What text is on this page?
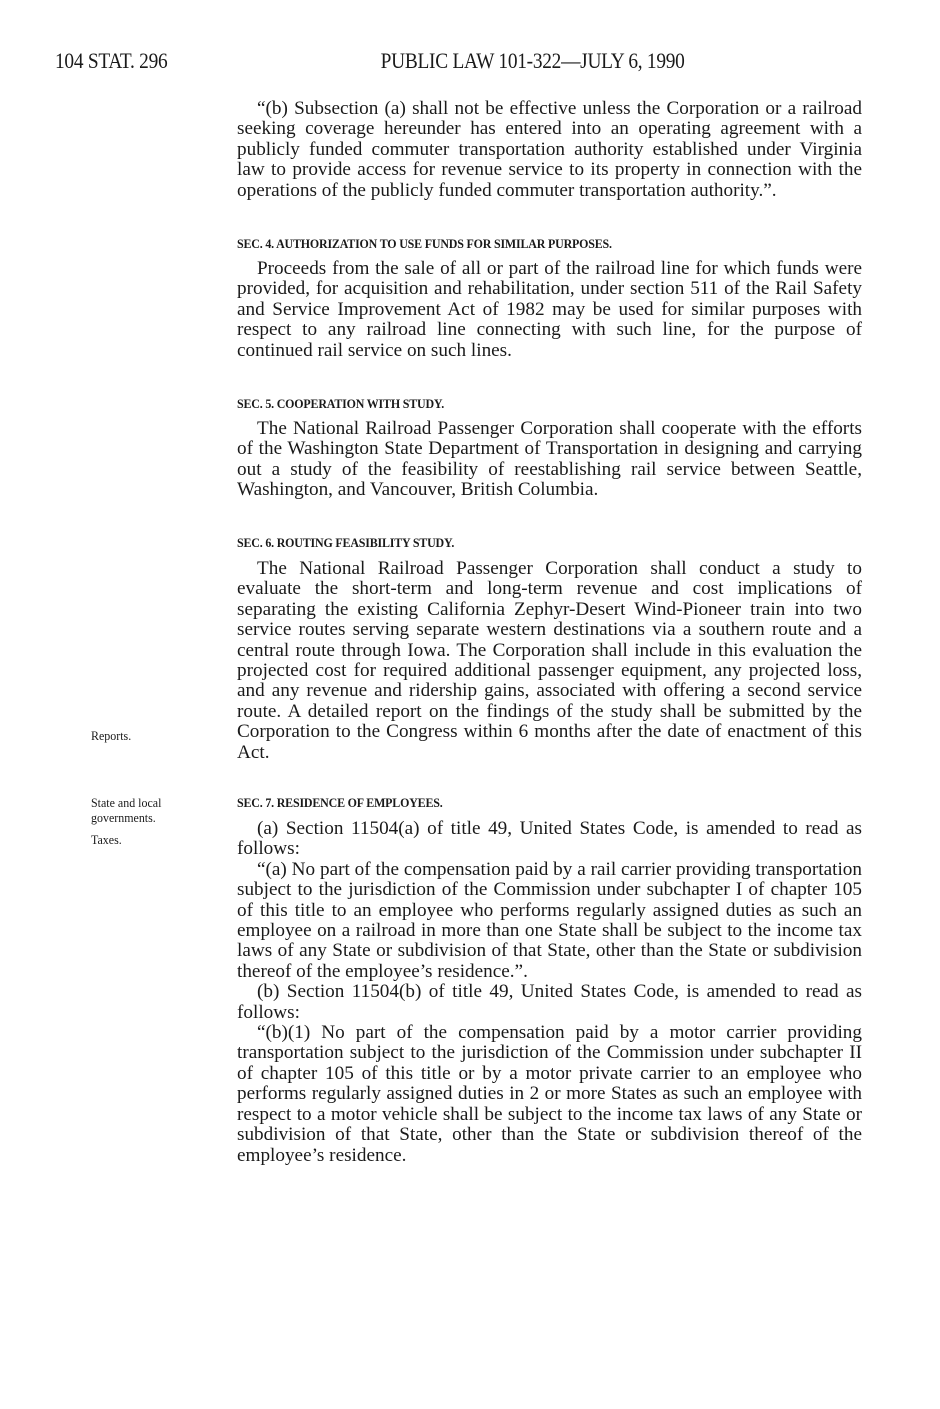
104 STAT. 296	PUBLIC LAW 101-322—JULY 6, 1990
Reports.
State and local governments.
Taxes.

“(b) Subsection (a) shall not be effective unless the Corporation or a railroad seeking coverage hereunder has entered into an operating agreement with a publicly funded commuter transportation authority established under Virginia law to provide access for revenue service to its property in connection with the operations of the publicly funded commuter transportation authority.”.

SEC. 4. AUTHORIZATION TO USE FUNDS FOR SIMILAR PURPOSES.

Proceeds from the sale of all or part of the railroad line for which funds were provided, for acquisition and rehabilitation, under section 511 of the Rail Safety and Service Improvement Act of 1982 may be used for similar purposes with respect to any railroad line connecting with such line, for the purpose of continued rail service on such lines.

SEC. 5. COOPERATION WITH STUDY.

The National Railroad Passenger Corporation shall cooperate with the efforts of the Washington State Department of Transportation in designing and carrying out a study of the feasibility of reestablishing rail service between Seattle, Washington, and Vancouver, British Columbia.

SEC. 6. ROUTING FEASIBILITY STUDY.

The National Railroad Passenger Corporation shall conduct a study to evaluate the short-term and long-term revenue and cost implications of separating the existing California Zephyr-Desert Wind-Pioneer train into two service routes serving separate western destinations via a southern route and a central route through Iowa. The Corporation shall include in this evaluation the projected cost for required additional passenger equipment, any projected loss, and any revenue and ridership gains, associated with offering a second service route. A detailed report on the findings of the study shall be submitted by the Corporation to the Congress within 6 months after the date of enactment of this Act.

SEC. 7. RESIDENCE OF EMPLOYEES.

(a) Section 11504(a) of title 49, United States Code, is amended to read as follows:

“(a) No part of the compensation paid by a rail carrier providing transportation subject to the jurisdiction of the Commission under subchapter I of chapter 105 of this title to an employee who performs regularly assigned duties as such an employee on a railroad in more than one State shall be subject to the income tax laws of any State or subdivision of that State, other than the State or subdivision thereof of the employee’s residence.”.

(b) Section 11504(b) of title 49, United States Code, is amended to read as follows:

“(b)(1) No part of the compensation paid by a motor carrier providing transportation subject to the jurisdiction of the Commission under subchapter II of chapter 105 of this title or by a motor private carrier to an employee who performs regularly assigned duties in 2 or more States as such an employee with respect to a motor vehicle shall be subject to the income tax laws of any State or subdivision of that State, other than the State or subdivision thereof of the employee’s residence.
